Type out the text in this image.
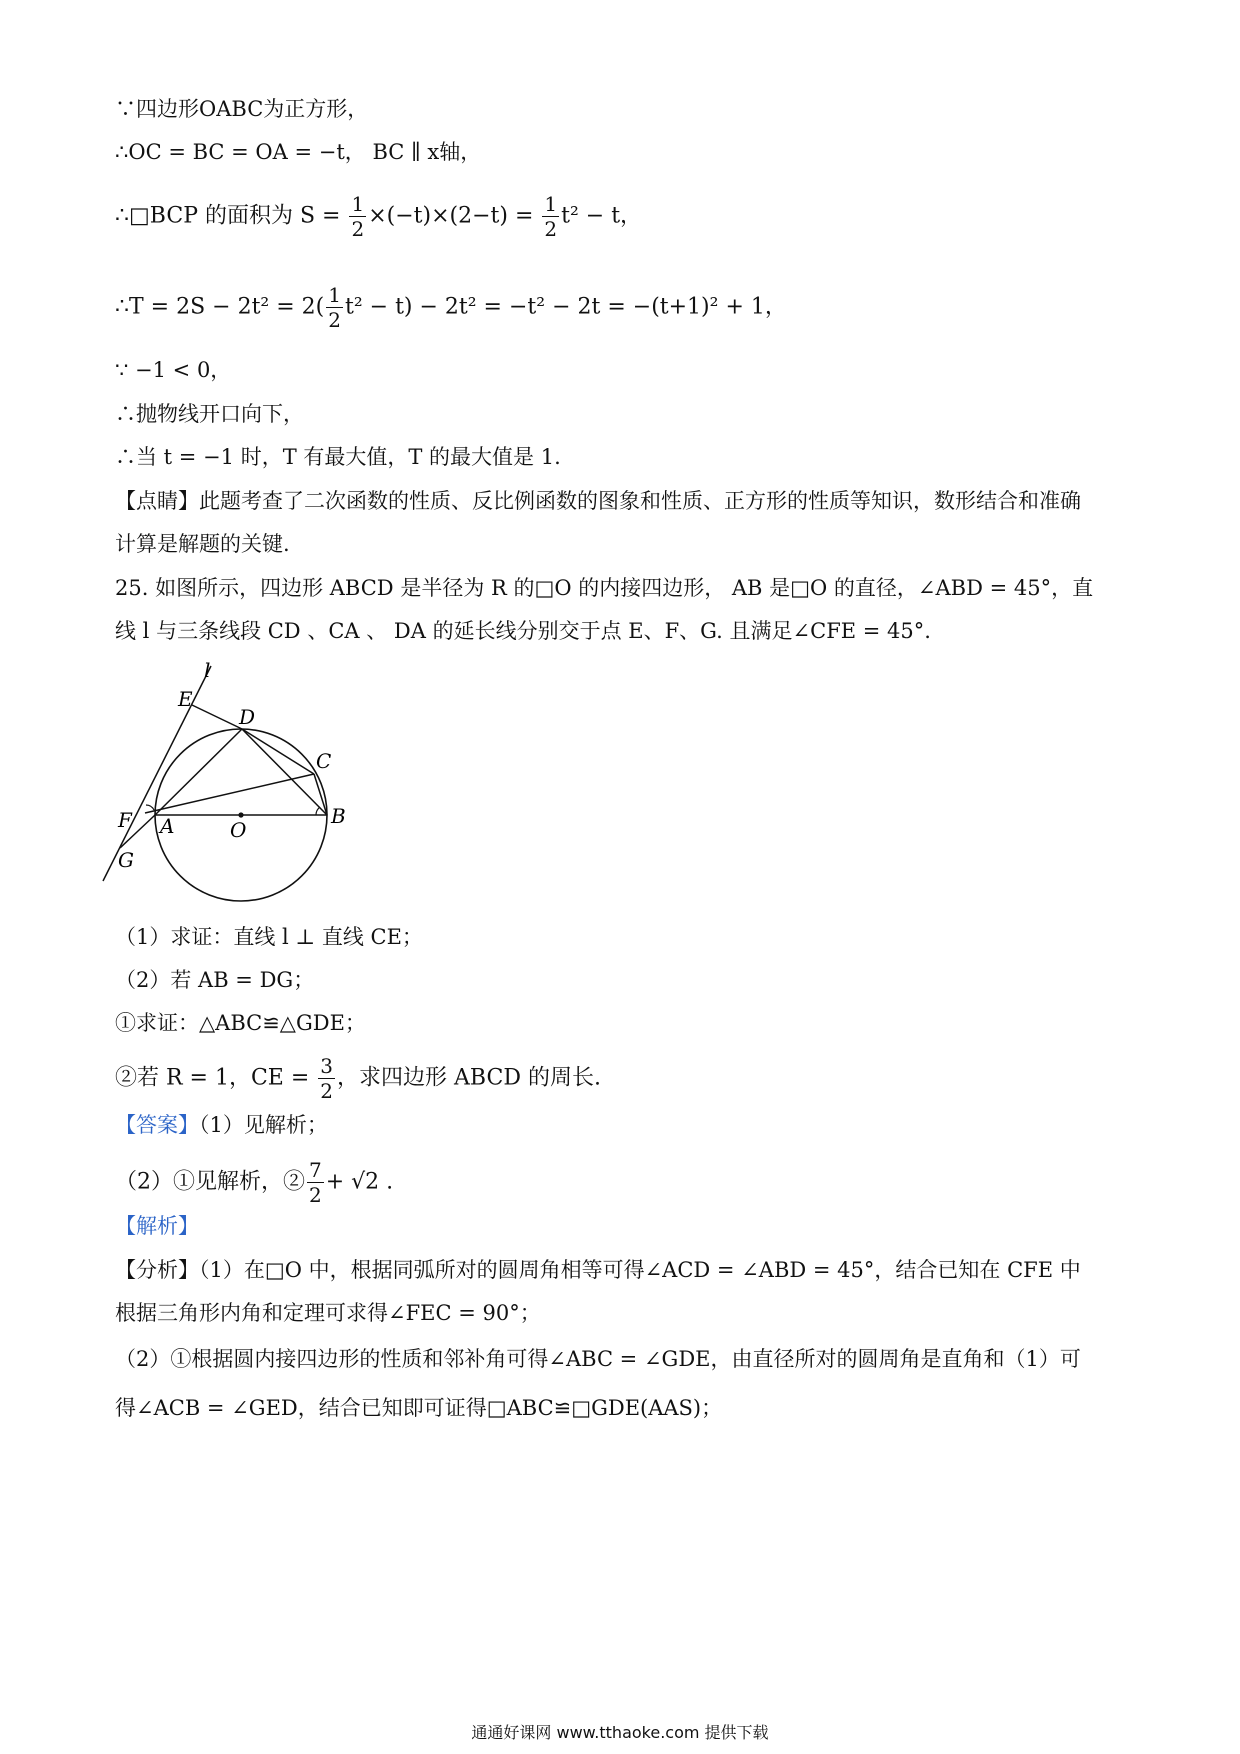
∵四边形OABC为正方形，
∴OC = BC = OA = −t， BC ∥ x轴，
∴□BCP 的面积为 $S = \frac{1}{2} \times(-t)\times(2-t) = \frac{1}{2} t^2 - t$，
∴T = $2S - 2t^2 = 2( \frac{1}{2} t^2 - t) - 2t^2 = -t^2 - 2t = -(t+1)^2 + 1$，
∵ −1 < 0，
∴抛物线开口向下，
∴当 t = −1 时，T 有最大值，T 的最大值是 1.
【点睛】此题考查了二次函数的性质、反比例函数的图象和性质、正方形的性质等知识，数形结合和准确
计算是解题的关键.
25. 如图所示，四边形 ABCD 是半径为 R 的□O 的内接四边形， AB 是□O 的直径，∠ABD = 45°，直
线 l 与三条线段 CD 、CA 、 DA 的延长线分别交于点 E、F、G. 且满足∠CFE = 45°.
l
E
D
C
B
O
A
F
G
（1）求证：直线 l ⊥ 直线 CE；
（2）若 AB = DG；
①求证：△ABC≌△GDE；
②若 R = 1，CE = $\frac{3}{2}$ ，求四边形 ABCD 的周长.
【答案】（1）见解析；
（2）①见解析，② $\frac{7}{2} + √2$ .
【解析】
【分析】（1）在□O 中，根据同弧所对的圆周角相等可得∠ACD = ∠ABD = 45°，结合已知在 CFE 中
根据三角形内角和定理可求得∠FEC = 90°；
（2）①根据圆内接四边形的性质和邻补角可得∠ABC = ∠GDE，由直径所对的圆周角是直角和（1）可
得∠ACB = ∠GED，结合已知即可证得□ABC≌□GDE(AAS)；
通通好课网 www.tthaoke.com 提供下载
